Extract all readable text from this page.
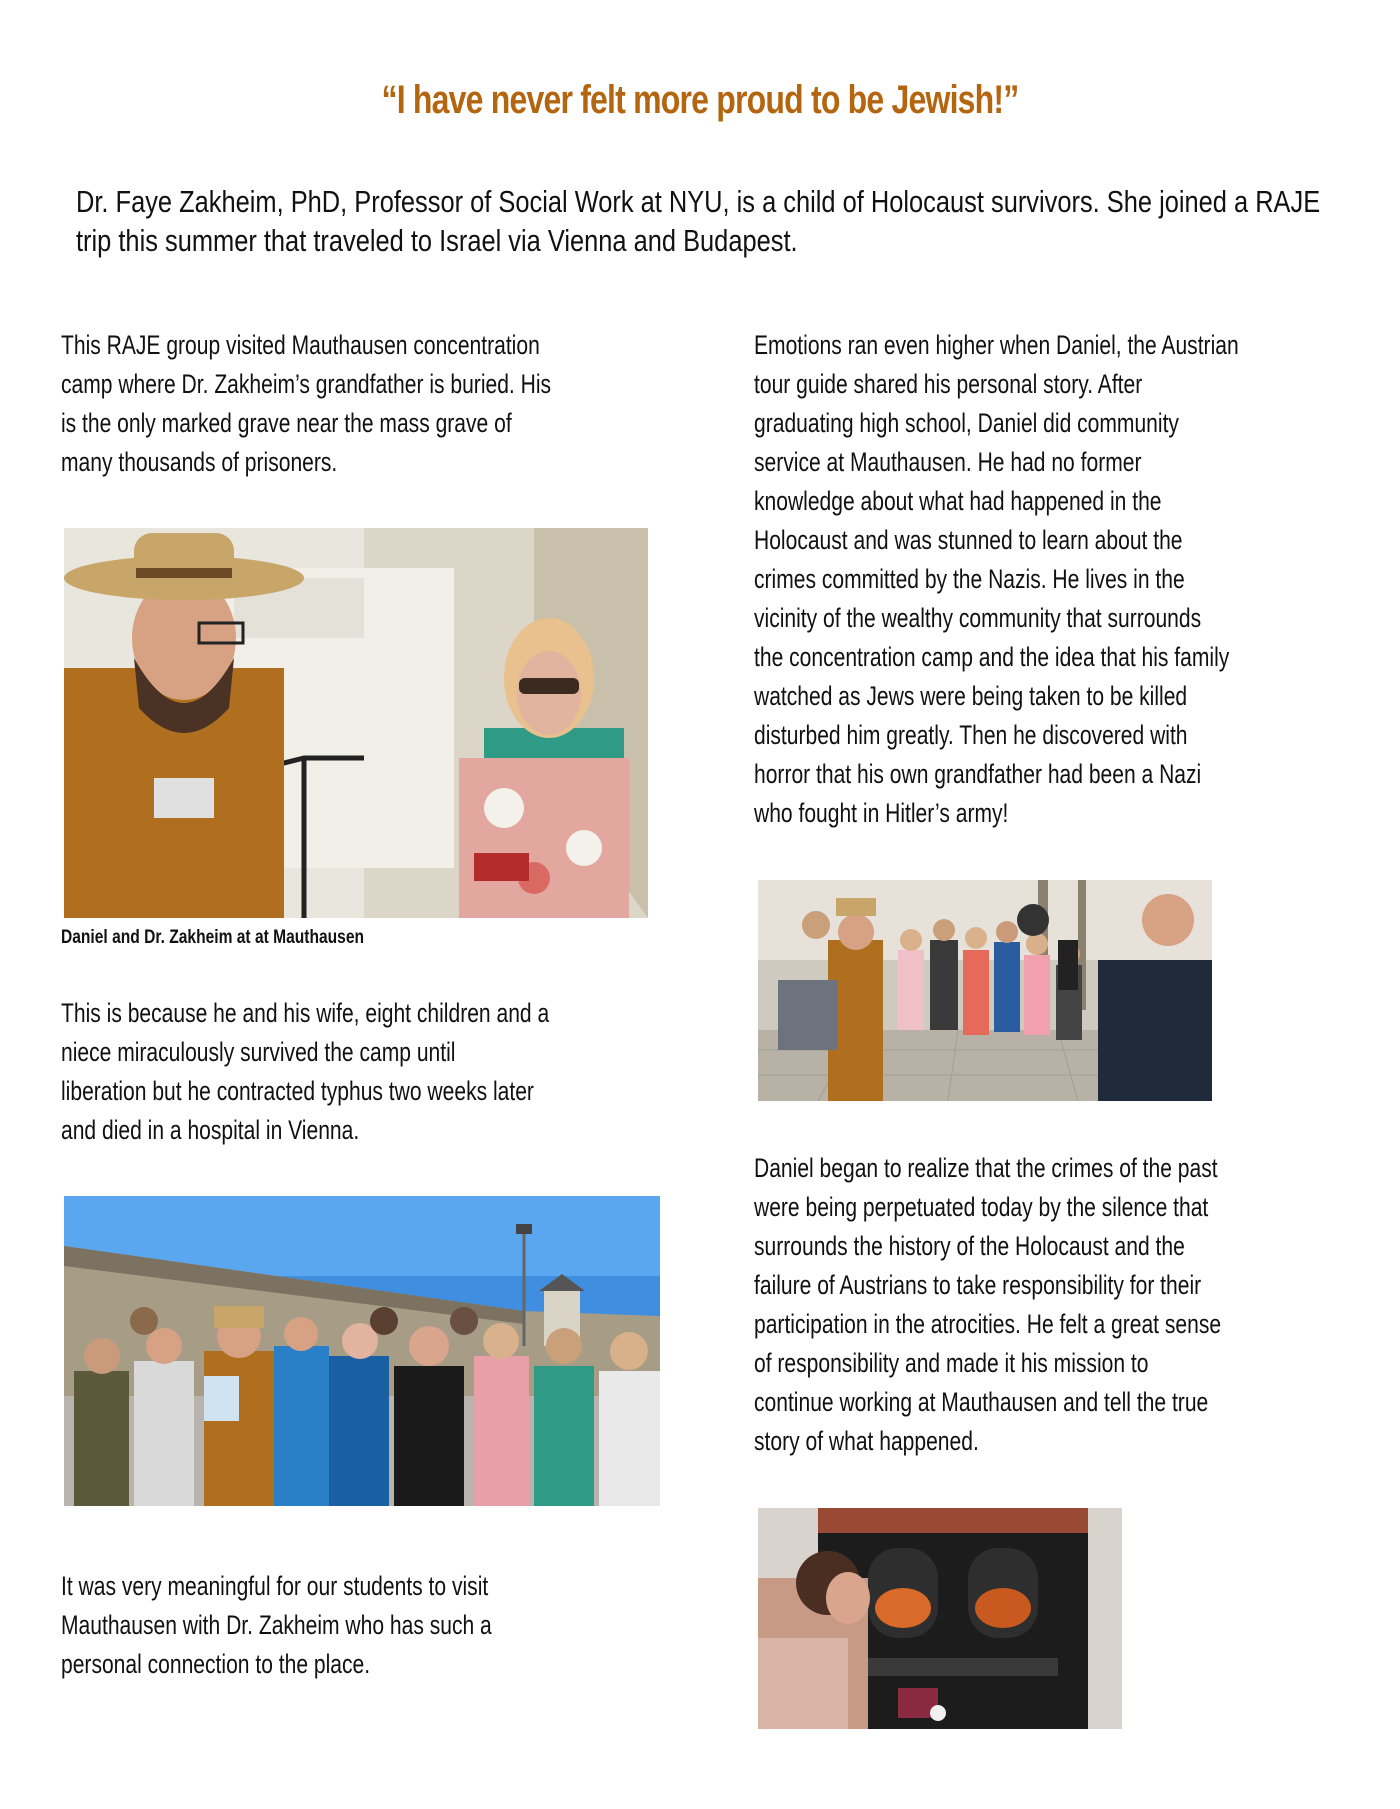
“I have never felt more proud to be Jewish!”
Dr. Faye Zakheim, PhD, Professor of Social Work at NYU, is a child of Holocaust survivors. She joined a RAJE trip this summer that traveled to Israel via Vienna and Budapest.
This RAJE group visited Mauthausen concentration
camp where Dr. Zakheim’s grandfather is buried. His
is the only marked grave near the mass grave of
many thousands of prisoners.
Daniel and Dr. Zakheim at at Mauthausen
This is because he and his wife, eight children and a
niece miraculously survived the camp until
liberation but he contracted typhus two weeks later
and died in a hospital in Vienna.
It was very meaningful for our students to visit
Mauthausen with Dr. Zakheim who has such a
personal connection to the place.
Emotions ran even higher when Daniel, the Austrian
tour guide shared his personal story. After
graduating high school, Daniel did community
service at Mauthausen. He had no former
knowledge about what had happened in the
Holocaust and was stunned to learn about the
crimes committed by the Nazis. He lives in the
vicinity of the wealthy community that surrounds
the concentration camp and the idea that his family
watched as Jews were being taken to be killed
disturbed him greatly. Then he discovered with
horror that his own grandfather had been a Nazi
who fought in Hitler’s army!
Daniel began to realize that the crimes of the past
were being perpetuated today by the silence that
surrounds the history of the Holocaust and the
failure of Austrians to take responsibility for their
participation in the atrocities. He felt a great sense
of responsibility and made it his mission to
continue working at Mauthausen and tell the true
story of what happened.
